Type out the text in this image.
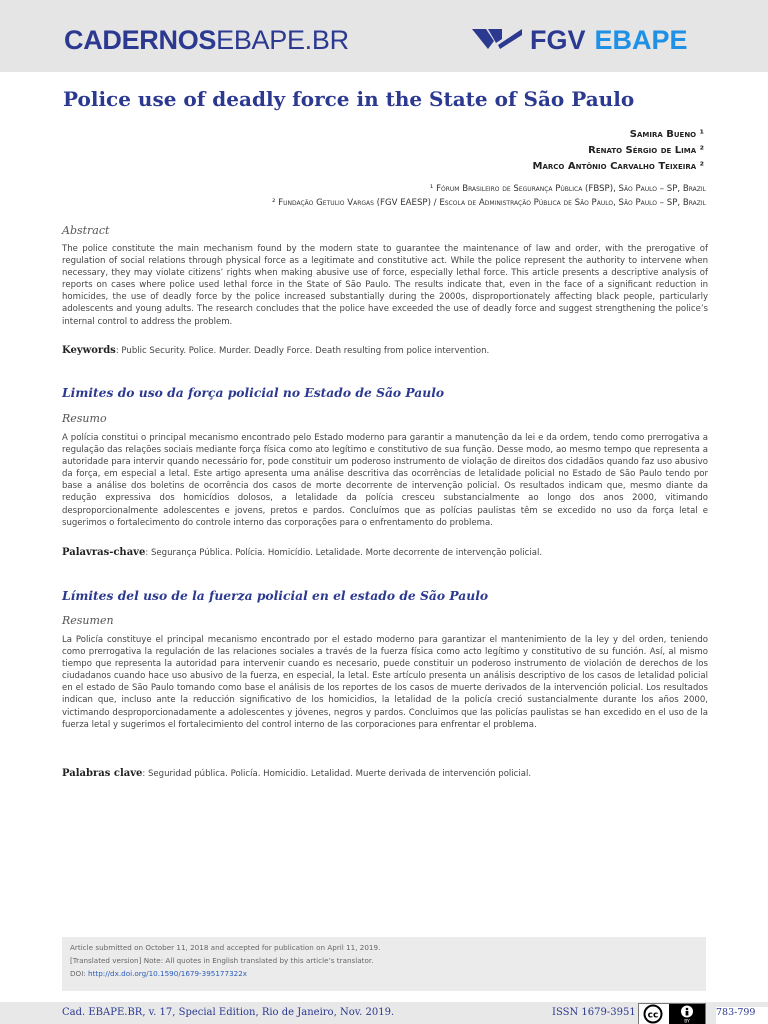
CADERNOSEBAPE.BR	FGV EBAPE
Police use of deadly force in the State of São Paulo
Samira Bueno ¹
Renato Sérgio de Lima ²
Marco Antônio Carvalho Teixeira ²
¹ Fórum Brasileiro de Segurança Pública (FBSP), São Paulo – SP, Brazil
² Fundação Getulio Vargas (FGV EAESP) / Escola de Administração Pública de São Paulo, São Paulo – SP, Brazil
Abstract

The police constitute the main mechanism found by the modern state to guarantee the maintenance of law and order, with the prerogative of regulation of social relations through physical force as a legitimate and constitutive act. While the police represent the authority to intervene when necessary, they may violate citizens’ rights when making abusive use of force, especially lethal force. This article presents a descriptive analysis of reports on cases where police used lethal force in the State of São Paulo. The results indicate that, even in the face of a significant reduction in homicides, the use of deadly force by the police increased substantially during the 2000s, disproportionately affecting black people, particularly adolescents and young adults. The research concludes that the police have exceeded the use of deadly force and suggest strengthening the police’s internal control to address the problem.

Keywords: Public Security. Police. Murder. Deadly Force. Death resulting from police intervention.
Limites do uso da força policial no Estado de São Paulo
Resumo

A polícia constitui o principal mecanismo encontrado pelo Estado moderno para garantir a manutenção da lei e da ordem, tendo como prerrogativa a regulação das relações sociais mediante força física como ato legítimo e constitutivo de sua função. Desse modo, ao mesmo tempo que representa a autoridade para intervir quando necessário for, pode constituir um poderoso instrumento de violação de direitos dos cidadãos quando faz uso abusivo da força, em especial a letal. Este artigo apresenta uma análise descritiva das ocorrências de letalidade policial no Estado de São Paulo tendo por base a análise dos boletins de ocorrência dos casos de morte decorrente de intervenção policial. Os resultados indicam que, mesmo diante da redução expressiva dos homicídios dolosos, a letalidade da polícia cresceu substancialmente ao longo dos anos 2000, vitimando desproporcionalmente adolescentes e jovens, pretos e pardos. Concluímos que as polícias paulistas têm se excedido no uso da força letal e sugerimos o fortalecimento do controle interno das corporações para o enfrentamento do problema.

Palavras-chave: Segurança Pública. Polícia. Homicídio. Letalidade. Morte decorrente de intervenção policial.
Límites del uso de la fuerza policial en el estado de São Paulo
Resumen

La Policía constituye el principal mecanismo encontrado por el estado moderno para garantizar el mantenimiento de la ley y del orden, teniendo como prerrogativa la regulación de las relaciones sociales a través de la fuerza física como acto legítimo y constitutivo de su función. Así, al mismo tiempo que representa la autoridad para intervenir cuando es necesario, puede constituir un poderoso instrumento de violación de derechos de los ciudadanos cuando hace uso abusivo de la fuerza, en especial, la letal. Este artículo presenta un análisis descriptivo de los casos de letalidad policial en el estado de São Paulo tomando como base el análisis de los reportes de los casos de muerte derivados de la intervención policial. Los resultados indican que, incluso ante la reducción significativo de los homicidios, la letalidad de la policía creció sustancialmente durante los años 2000, victimando desproporcionadamente a adolescentes y jóvenes, negros y pardos. Concluimos que las policías paulistas se han excedido en el uso de la fuerza letal y sugerimos el fortalecimiento del control interno de las corporaciones para enfrentar el problema.

Palabras clave: Seguridad pública. Policía. Homicidio. Letalidad. Muerte derivada de intervención policial.
Article submitted on October 11, 2018 and accepted for publication on April 11, 2019.
[Translated version] Note: All quotes in English translated by this article’s translator.
DOI: http://dx.doi.org/10.1590/1679-395177322x
Cad. EBAPE.BR, v. 17, Special Edition, Rio de Janeiro, Nov. 2019.	ISSN 1679-3951 cc
BY
783-799
